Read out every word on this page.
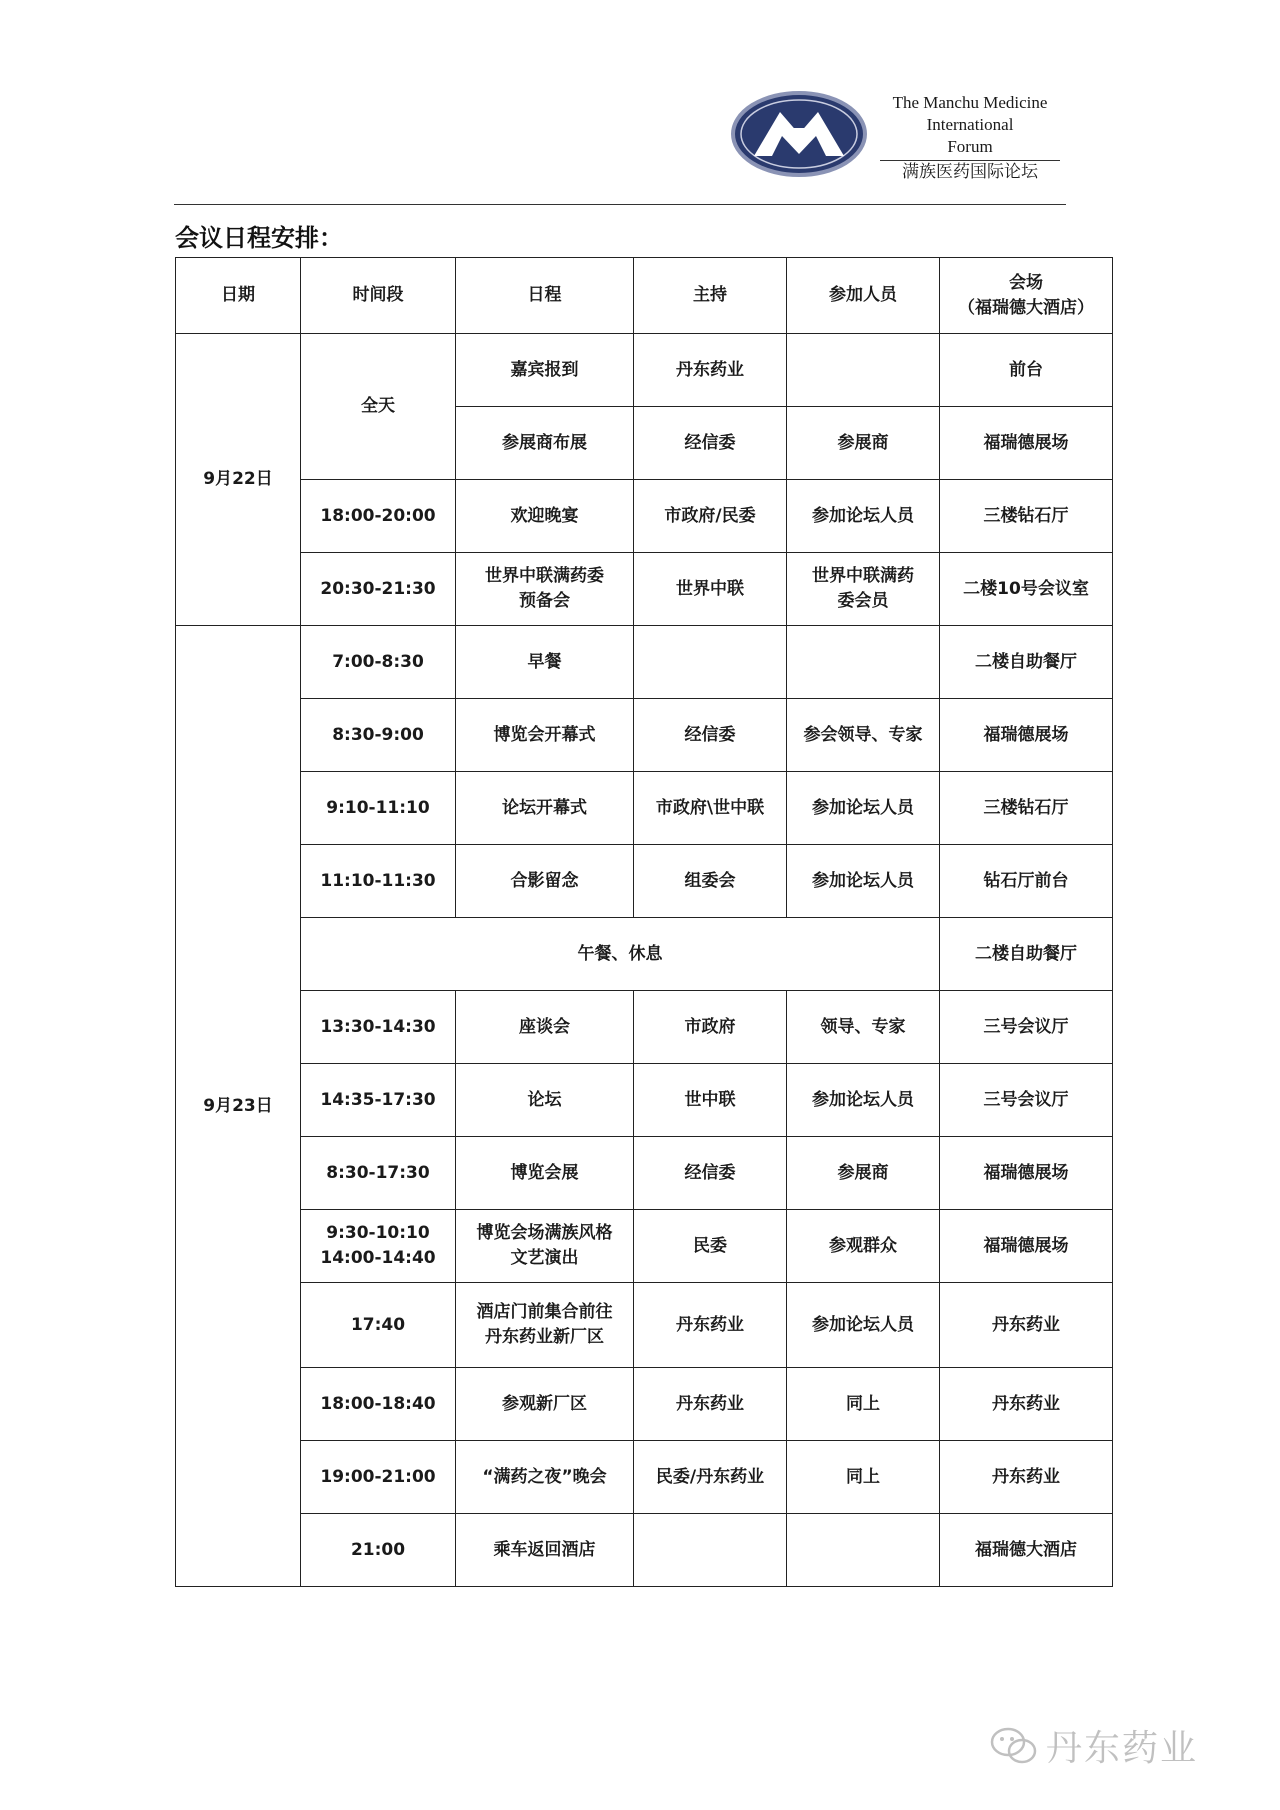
The Manchu Medicine
International
Forum
满族医药国际论坛
会议日程安排：
日期	时间段	日程	主持	参加人员	会场
（福瑞德大酒店）

9月22日	全天	嘉宾报到	丹东药业		前台
		参展商布展	经信委	参展商	福瑞德展场
	18:00-20:00	欢迎晚宴	市政府/民委	参加论坛人员	三楼钻石厅
	20:30-21:30	世界中联满药委
预备会	世界中联	世界中联满药
委会员	二楼10号会议室
9月23日	7:00-8:30	早餐			二楼自助餐厅
	8:30-9:00	博览会开幕式	经信委	参会领导、专家	福瑞德展场
	9:10-11:10	论坛开幕式	市政府\世中联	参加论坛人员	三楼钻石厅
	11:10-11:30	合影留念	组委会	参加论坛人员	钻石厅前台
	午餐、休息				二楼自助餐厅
	13:30-14:30	座谈会	市政府	领导、专家	三号会议厅
	14:35-17:30	论坛	世中联	参加论坛人员	三号会议厅
	8:30-17:30	博览会展	经信委	参展商	福瑞德展场
	9:30-10:10
14:00-14:40	博览会场满族风格
文艺演出	民委	参观群众	福瑞德展场
	17:40	酒店门前集合前往
丹东药业新厂区	丹东药业	参加论坛人员	丹东药业
	18:00-18:40	参观新厂区	丹东药业	同上	丹东药业
	19:00-21:00	“满药之夜”晚会	民委/丹东药业	同上	丹东药业
	21:00	乘车返回酒店			福瑞德大酒店
丹东药业
